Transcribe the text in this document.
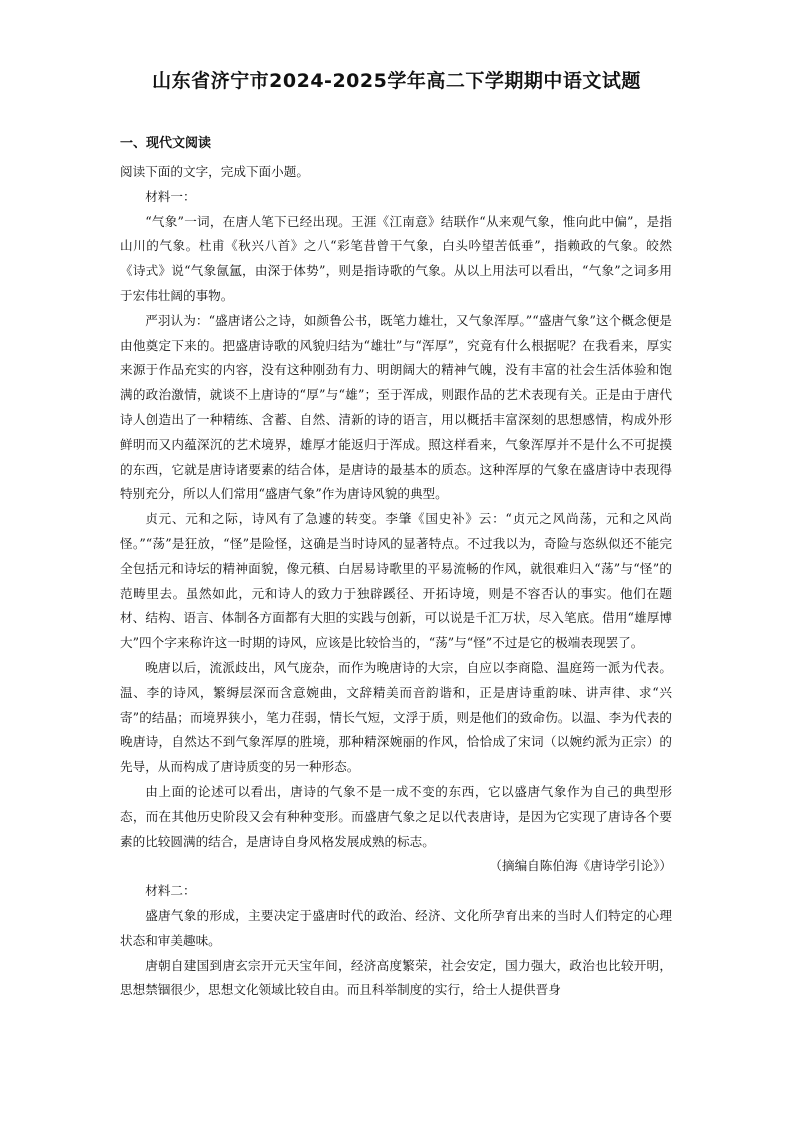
山东省济宁市2024-2025学年高二下学期期中语文试题
一、现代文阅读

阅读下面的文字，完成下面小题。

材料一：

“气象”一词，在唐人笔下已经出现。王涯《江南意》结联作“从来观气象，惟向此中偏”，是指山川的气象。杜甫《秋兴八首》之八“彩笔昔曾干气象，白头吟望苦低垂”，指赖政的气象。皎然《诗式》说“气象氤氲，由深于体势”，则是指诗歌的气象。从以上用法可以看出，“气象”之词多用于宏伟壮阔的事物。

严羽认为：“盛唐诸公之诗，如颜鲁公书，既笔力雄壮，又气象浑厚。”“盛唐气象”这个概念便是由他奠定下来的。把盛唐诗歌的风貌归结为“雄壮”与“浑厚”，究竟有什么根据呢？在我看来，厚实来源于作品充实的内容，没有这种刚劲有力、明朗阔大的精神气魄，没有丰富的社会生活体验和饱满的政治激情，就谈不上唐诗的“厚”与“雄”；至于浑成，则跟作品的艺术表现有关。正是由于唐代诗人创造出了一种精练、含蓄、自然、清新的诗的语言，用以概括丰富深刻的思想感情，构成外形鲜明而又内蕴深沉的艺术境界，雄厚才能返归于浑成。照这样看来，气象浑厚并不是什么不可捉摸的东西，它就是唐诗诸要素的结合体，是唐诗的最基本的质态。这种浑厚的气象在盛唐诗中表现得特别充分，所以人们常用“盛唐气象”作为唐诗风貌的典型。

贞元、元和之际，诗风有了急遽的转变。李肇《国史补》云：“贞元之风尚荡，元和之风尚怪。”“荡”是狂放，“怪”是险怪，这确是当时诗风的显著特点。不过我以为，奇险与恣纵似还不能完全包括元和诗坛的精神面貌，像元稹、白居易诗歌里的平易流畅的作风，就很难归入“荡”与“怪”的范畴里去。虽然如此，元和诗人的致力于独辟蹊径、开拓诗境，则是不容否认的事实。他们在题材、结构、语言、体制各方面都有大胆的实践与创新，可以说是千汇万状，尽入笔底。借用“雄厚博大”四个字来称许这一时期的诗风，应该是比较恰当的，“荡”与“怪”不过是它的极端表现罢了。

晚唐以后，流派歧出，风气庞杂，而作为晚唐诗的大宗，自应以李商隐、温庭筠一派为代表。温、李的诗风，繁缛层深而含意婉曲，文辞精美而音韵谐和，正是唐诗重韵味、讲声律、求“兴寄”的结晶；而境界狭小，笔力荏弱，情长气短，文浮于质，则是他们的致命伤。以温、李为代表的晚唐诗，自然达不到气象浑厚的胜境，那种精深婉丽的作风，恰恰成了宋词（以婉约派为正宗）的先导，从而构成了唐诗质变的另一种形态。

由上面的论述可以看出，唐诗的气象不是一成不变的东西，它以盛唐气象作为自己的典型形态，而在其他历史阶段又会有种种变形。而盛唐气象之足以代表唐诗，是因为它实现了唐诗各个要素的比较圆满的结合，是唐诗自身风格发展成熟的标志。

（摘编自陈伯海《唐诗学引论》）

材料二：

盛唐气象的形成，主要决定于盛唐时代的政治、经济、文化所孕育出来的当时人们特定的心理状态和审美趣味。

唐朝自建国到唐玄宗开元天宝年间，经济高度繁荣，社会安定，国力强大，政治也比较开明，思想禁锢很少，思想文化领域比较自由。而且科举制度的实行，给士人提供晋身
